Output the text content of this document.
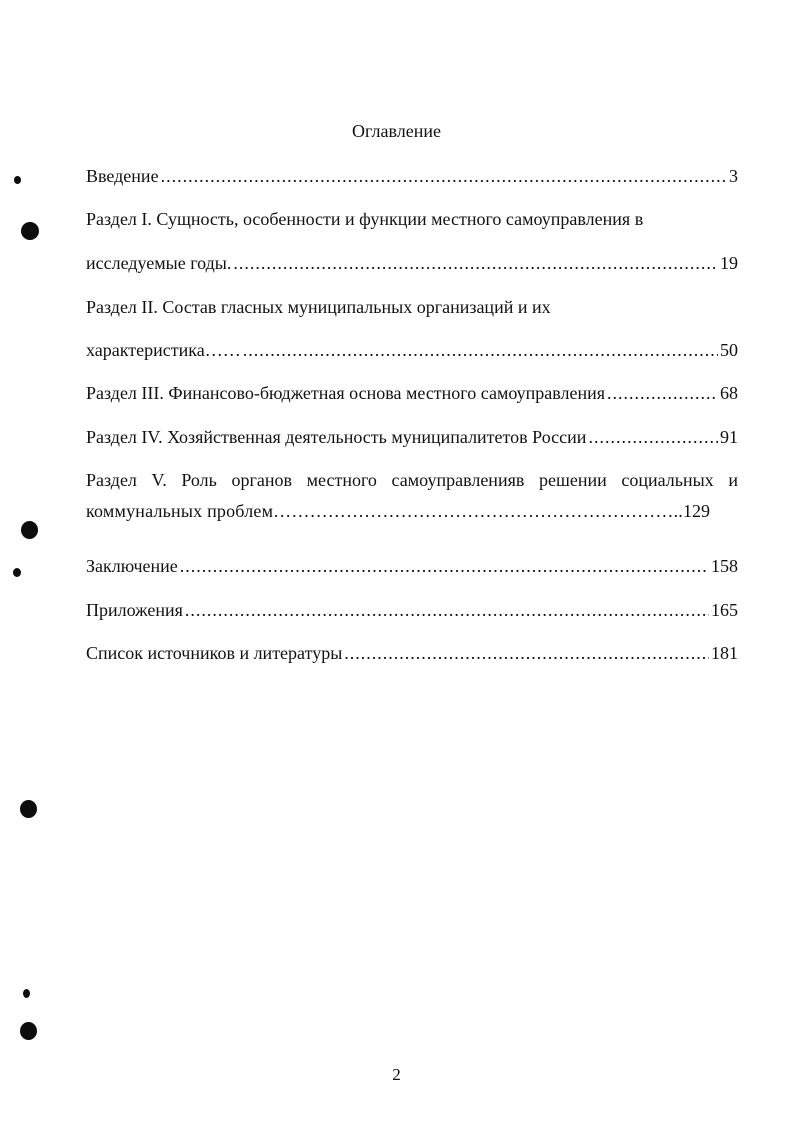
Оглавление
Введение .....	3
Раздел I. Сущность, особенности и функции местного самоуправления в
исследуемые годы. .....	19
Раздел II. Состав гласных муниципальных организаций и их
характеристика…… .....	50
Раздел III. Финансово-бюджетная основа местного самоуправления .....	68
Раздел IV. Хозяйственная деятельность муниципалитетов России .....	91
Раздел V. Роль органов местного самоуправленияв решении социальных и
коммунальных проблем………………………………………………………….. 129
Заключение .....	158
Приложения .....	165
Список источников и литературы .....	181
2
